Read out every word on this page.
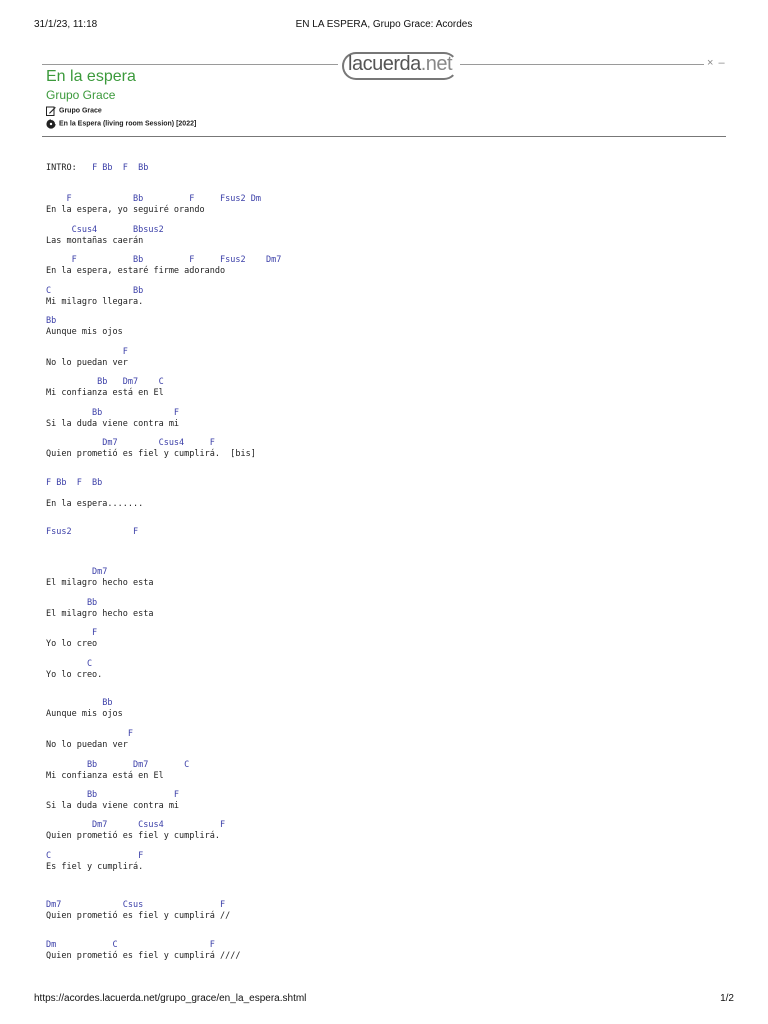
31/1/23, 11:18	EN LA ESPERA, Grupo Grace: Acordes
lacuerda.net	× –
En la espera
Grupo Grace
Grupo Grace
En la Espera (living room Session) [2022]
INTRO:   F Bb  F  Bb
F            Bb         F     Fsus2 Dm
En la espera, yo seguiré orando
Csus4       Bbsus2
Las montañas caerán
F           Bb         F     Fsus2    Dm7
En la espera, estaré firme adorando
C                Bb
Mi milagro llegara.
Bb
Aunque mis ojos
F
No lo puedan ver
Bb   Dm7    C
Mi confianza está en El
Bb              F
Si la duda viene contra mi
Dm7        Csus4     F
Quien prometió es fiel y cumplirá.  [bis]
F Bb  F  Bb
En la espera.......
Fsus2            F
Dm7
El milagro hecho esta
Bb
El milagro hecho esta
F
Yo lo creo
C
Yo lo creo.
Bb
Aunque mis ojos
F
No lo puedan ver
Bb       Dm7       C
Mi confianza está en El
Bb               F
Si la duda viene contra mi
Dm7      Csus4           F
Quien prometió es fiel y cumplirá.
C                 F
Es fiel y cumplirá.
Dm7            Csus               F
Quien prometió es fiel y cumplirá //
Dm           C                  F
Quien prometió es fiel y cumplirá ////
https://acordes.lacuerda.net/grupo_grace/en_la_espera.shtml	1/2
